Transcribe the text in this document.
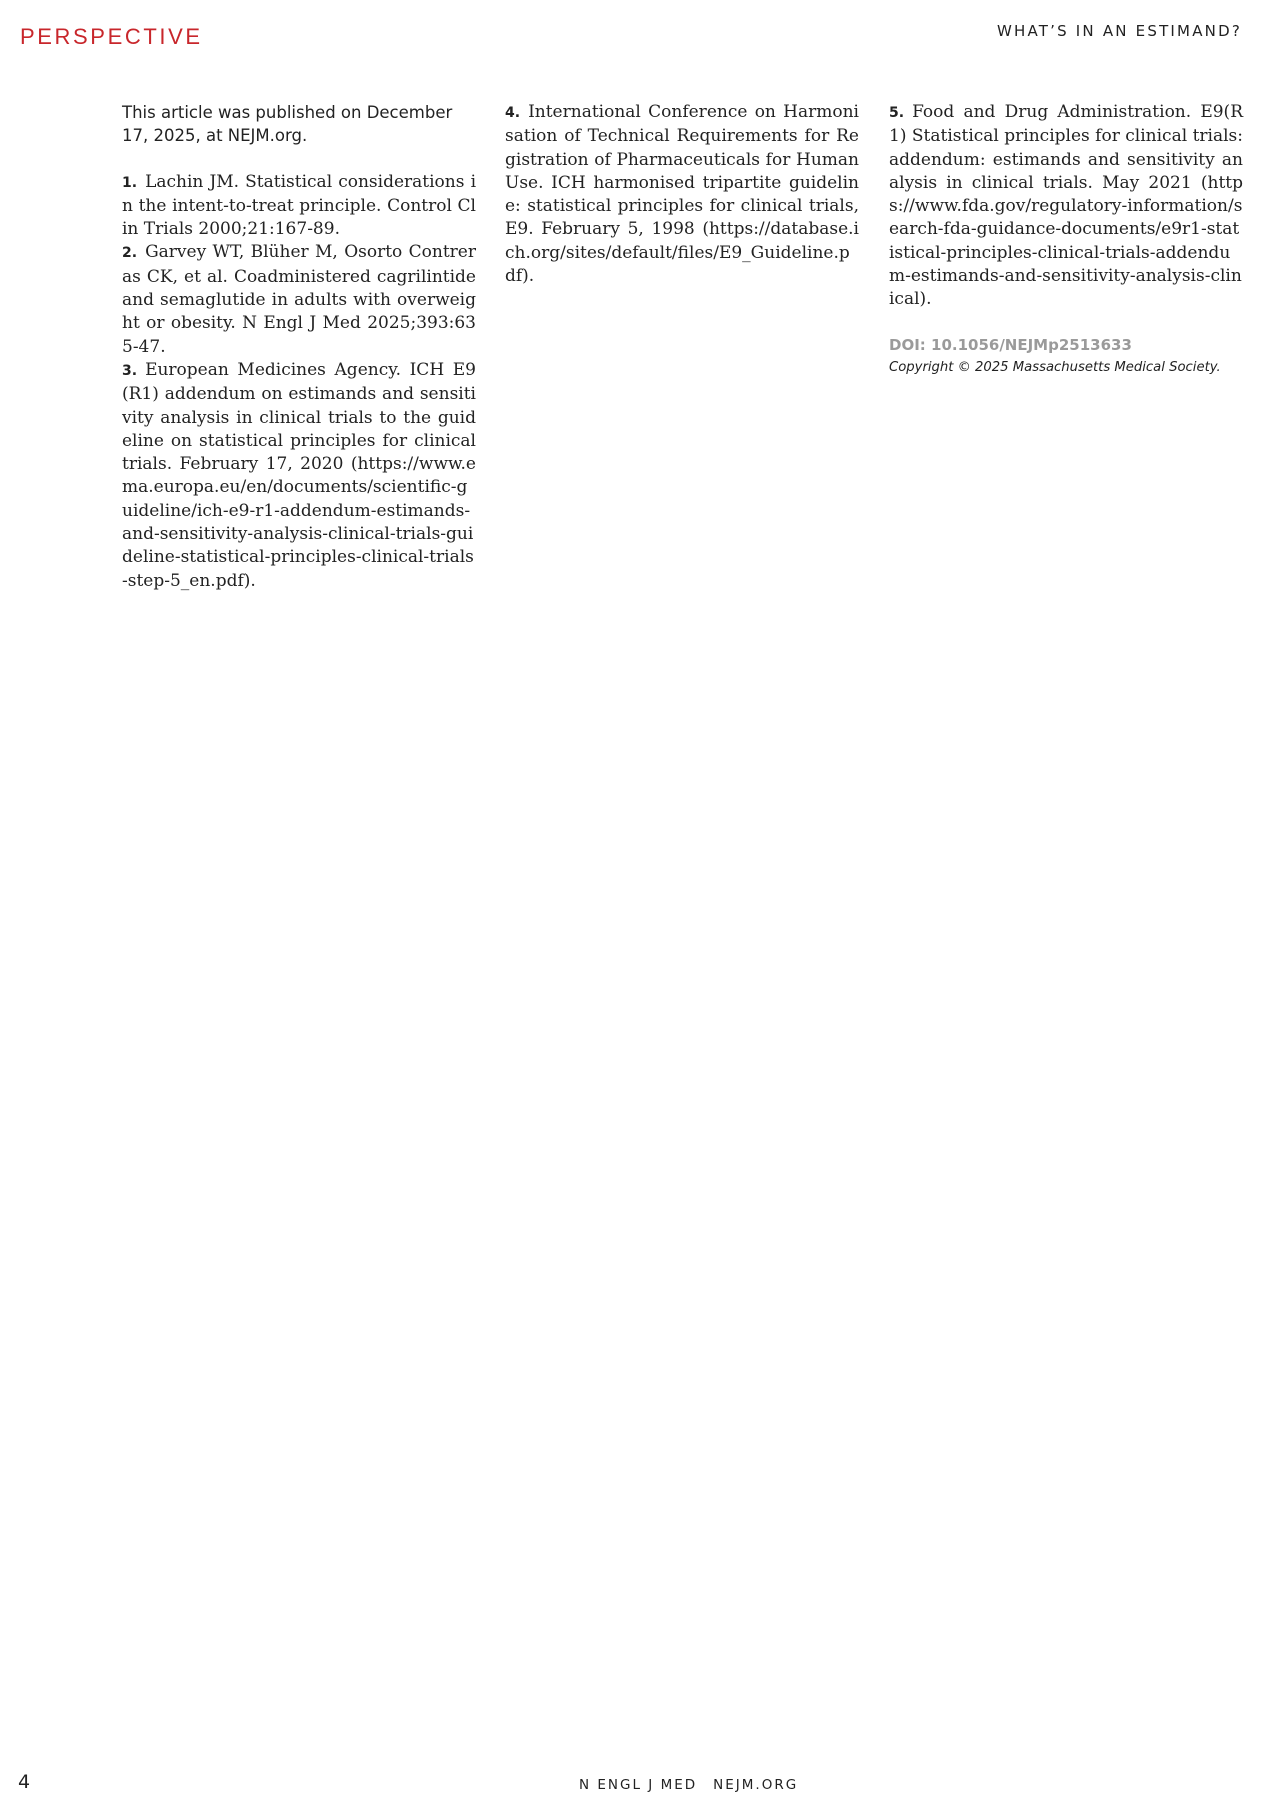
PERSPECTIVE	WHAT’S IN AN ESTIMAND?

This article was published on December 17, 2025, at NEJM.org.

1. Lachin JM. Statistical considerations in the intent-to-treat principle. Control Clin Trials 2000;21:167-89.

2. Garvey WT, Blüher M, Osorto Contreras CK, et al. Coadministered cagrilintide and semaglutide in adults with overweight or obesity. N Engl J Med 2025;393:635-47.

3. European Medicines Agency. ICH E9 (R1) addendum on estimands and sensitivity analysis in clinical trials to the guideline on statistical principles for clinical trials. February 17, 2020 (https://www.ema.europa.eu/en/documents/scientific-guideline/ich-e9-r1-addendum-estimands-and-sensitivity-analysis-clinical-trials-guideline-statistical-principles-clinical-trials-step-5_en.pdf).

4. International Conference on Harmonisation of Technical Requirements for Registration of Pharmaceuticals for Human Use. ICH harmonised tripartite guideline: statistical principles for clinical trials, E9. February 5, 1998 (https://database.ich.org/sites/default/files/E9_Guideline.pdf).

5. Food and Drug Administration. E9(R1) Statistical principles for clinical trials: addendum: estimands and sensitivity analysis in clinical trials. May 2021 (https://www.fda.gov/regulatory-information/search-fda-guidance-documents/e9r1-statistical-principles-clinical-trials-addendum-estimands-and-sensitivity-analysis-clinical).

DOI: 10.1056/NEJMp2513633
Copyright © 2025 Massachusetts Medical Society.
4	N ENGL J MED NEJM.ORG
